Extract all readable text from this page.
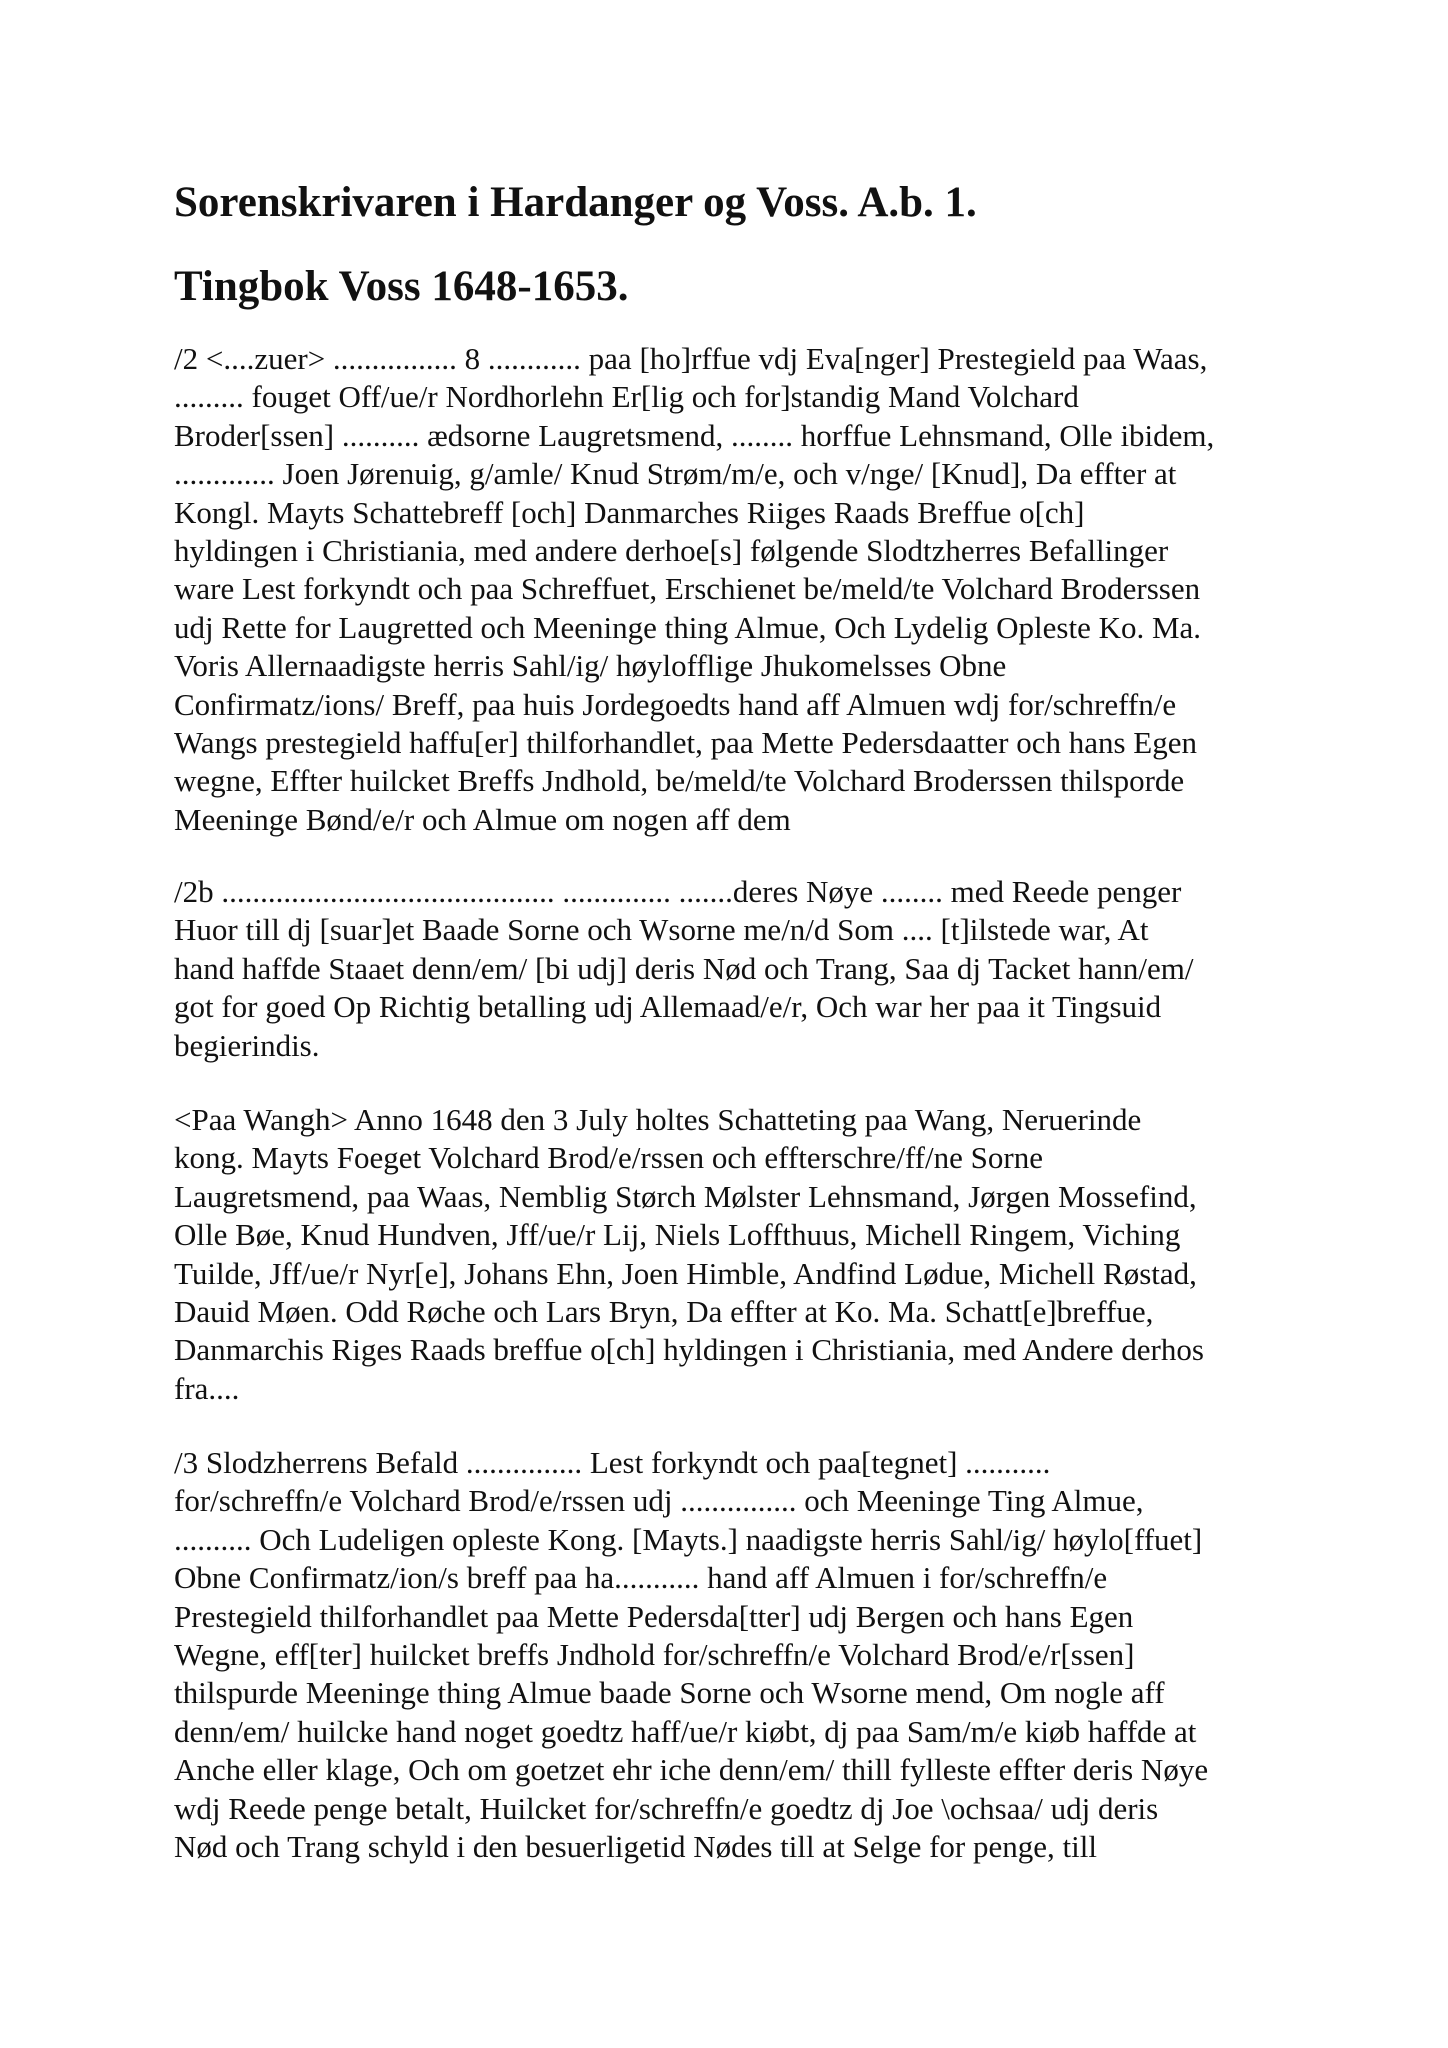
Sorenskrivaren i Hardanger og Voss. A.b. 1.
Tingbok Voss 1648-1653.
/2 <....zuer> ................ 8 ............ paa [ho]rffue vdj Eva[nger] Prestegield paa Waas,
......... fouget Off/ue/r Nordhorlehn Er[lig och for]standig Mand Volchard
Broder[ssen] .......... ædsorne Laugretsmend, ........ horffue Lehnsmand, Olle ibidem,
............. Joen Jørenuig, g/amle/ Knud Strøm/m/e, och v/nge/ [Knud], Da effter at
Kongl. Mayts Schattebreff [och] Danmarches Riiges Raads Breffue o[ch]
hyldingen i Christiania, med andere derhoe[s] følgende Slodtzherres Befallinger
ware Lest forkyndt och paa Schreffuet, Erschienet be/meld/te Volchard Broderssen
udj Rette for Laugretted och Meeninge thing Almue, Och Lydelig Opleste Ko. Ma.
Voris Allernaadigste herris Sahl/ig/ høylofflige Jhukomelsses Obne
Confirmatz/ions/ Breff, paa huis Jordegoedts hand aff Almuen wdj for/schreffn/e
Wangs prestegield haffu[er] thilforhandlet, paa Mette Pedersdaatter och hans Egen
wegne, Effter huilcket Breffs Jndhold, be/meld/te Volchard Broderssen thilsporde
Meeninge Bønd/e/r och Almue om nogen aff dem
/2b ........................................... .............. .......deres Nøye ........ med Reede penger
Huor till dj [suar]et Baade Sorne och Wsorne me/n/d Som .... [t]ilstede war, At
hand haffde Staaet denn/em/ [bi udj] deris Nød och Trang, Saa dj Tacket hann/em/
got for goed Op Richtig betalling udj Allemaad/e/r, Och war her paa it Tingsuid
begierindis.
<Paa Wangh> Anno 1648 den 3 July holtes Schatteting paa Wang, Neruerinde
kong. Mayts Foeget Volchard Brod/e/rssen och effterschre/ff/ne Sorne
Laugretsmend, paa Waas, Nemblig Størch Mølster Lehnsmand, Jørgen Mossefind,
Olle Bøe, Knud Hundven, Jff/ue/r Lij, Niels Loffthuus, Michell Ringem, Viching
Tuilde, Jff/ue/r Nyr[e], Johans Ehn, Joen Himble, Andfind Lødue, Michell Røstad,
Dauid Møen. Odd Røche och Lars Bryn, Da effter at Ko. Ma. Schatt[e]breffue,
Danmarchis Riges Raads breffue o[ch] hyldingen i Christiania, med Andere derhos
fra....
/3 Slodzherrens Befald ............... Lest forkyndt och paa[tegnet] ...........
for/schreffn/e Volchard Brod/e/rssen udj ............... och Meeninge Ting Almue,
.......... Och Ludeligen opleste Kong. [Mayts.] naadigste herris Sahl/ig/ høylo[ffuet]
Obne Confirmatz/ion/s breff paa ha........... hand aff Almuen i for/schreffn/e
Prestegield thilforhandlet paa Mette Pedersda[tter] udj Bergen och hans Egen
Wegne, eff[ter] huilcket breffs Jndhold for/schreffn/e Volchard Brod/e/r[ssen]
thilspurde Meeninge thing Almue baade Sorne och Wsorne mend, Om nogle aff
denn/em/ huilcke hand noget goedtz haff/ue/r kiøbt, dj paa Sam/m/e kiøb haffde at
Anche eller klage, Och om goetzet ehr iche denn/em/ thill fylleste effter deris Nøye
wdj Reede penge betalt, Huilcket for/schreffn/e goedtz dj Joe \ochsaa/ udj deris
Nød och Trang schyld i den besuerligetid Nødes till at Selge for penge, till
